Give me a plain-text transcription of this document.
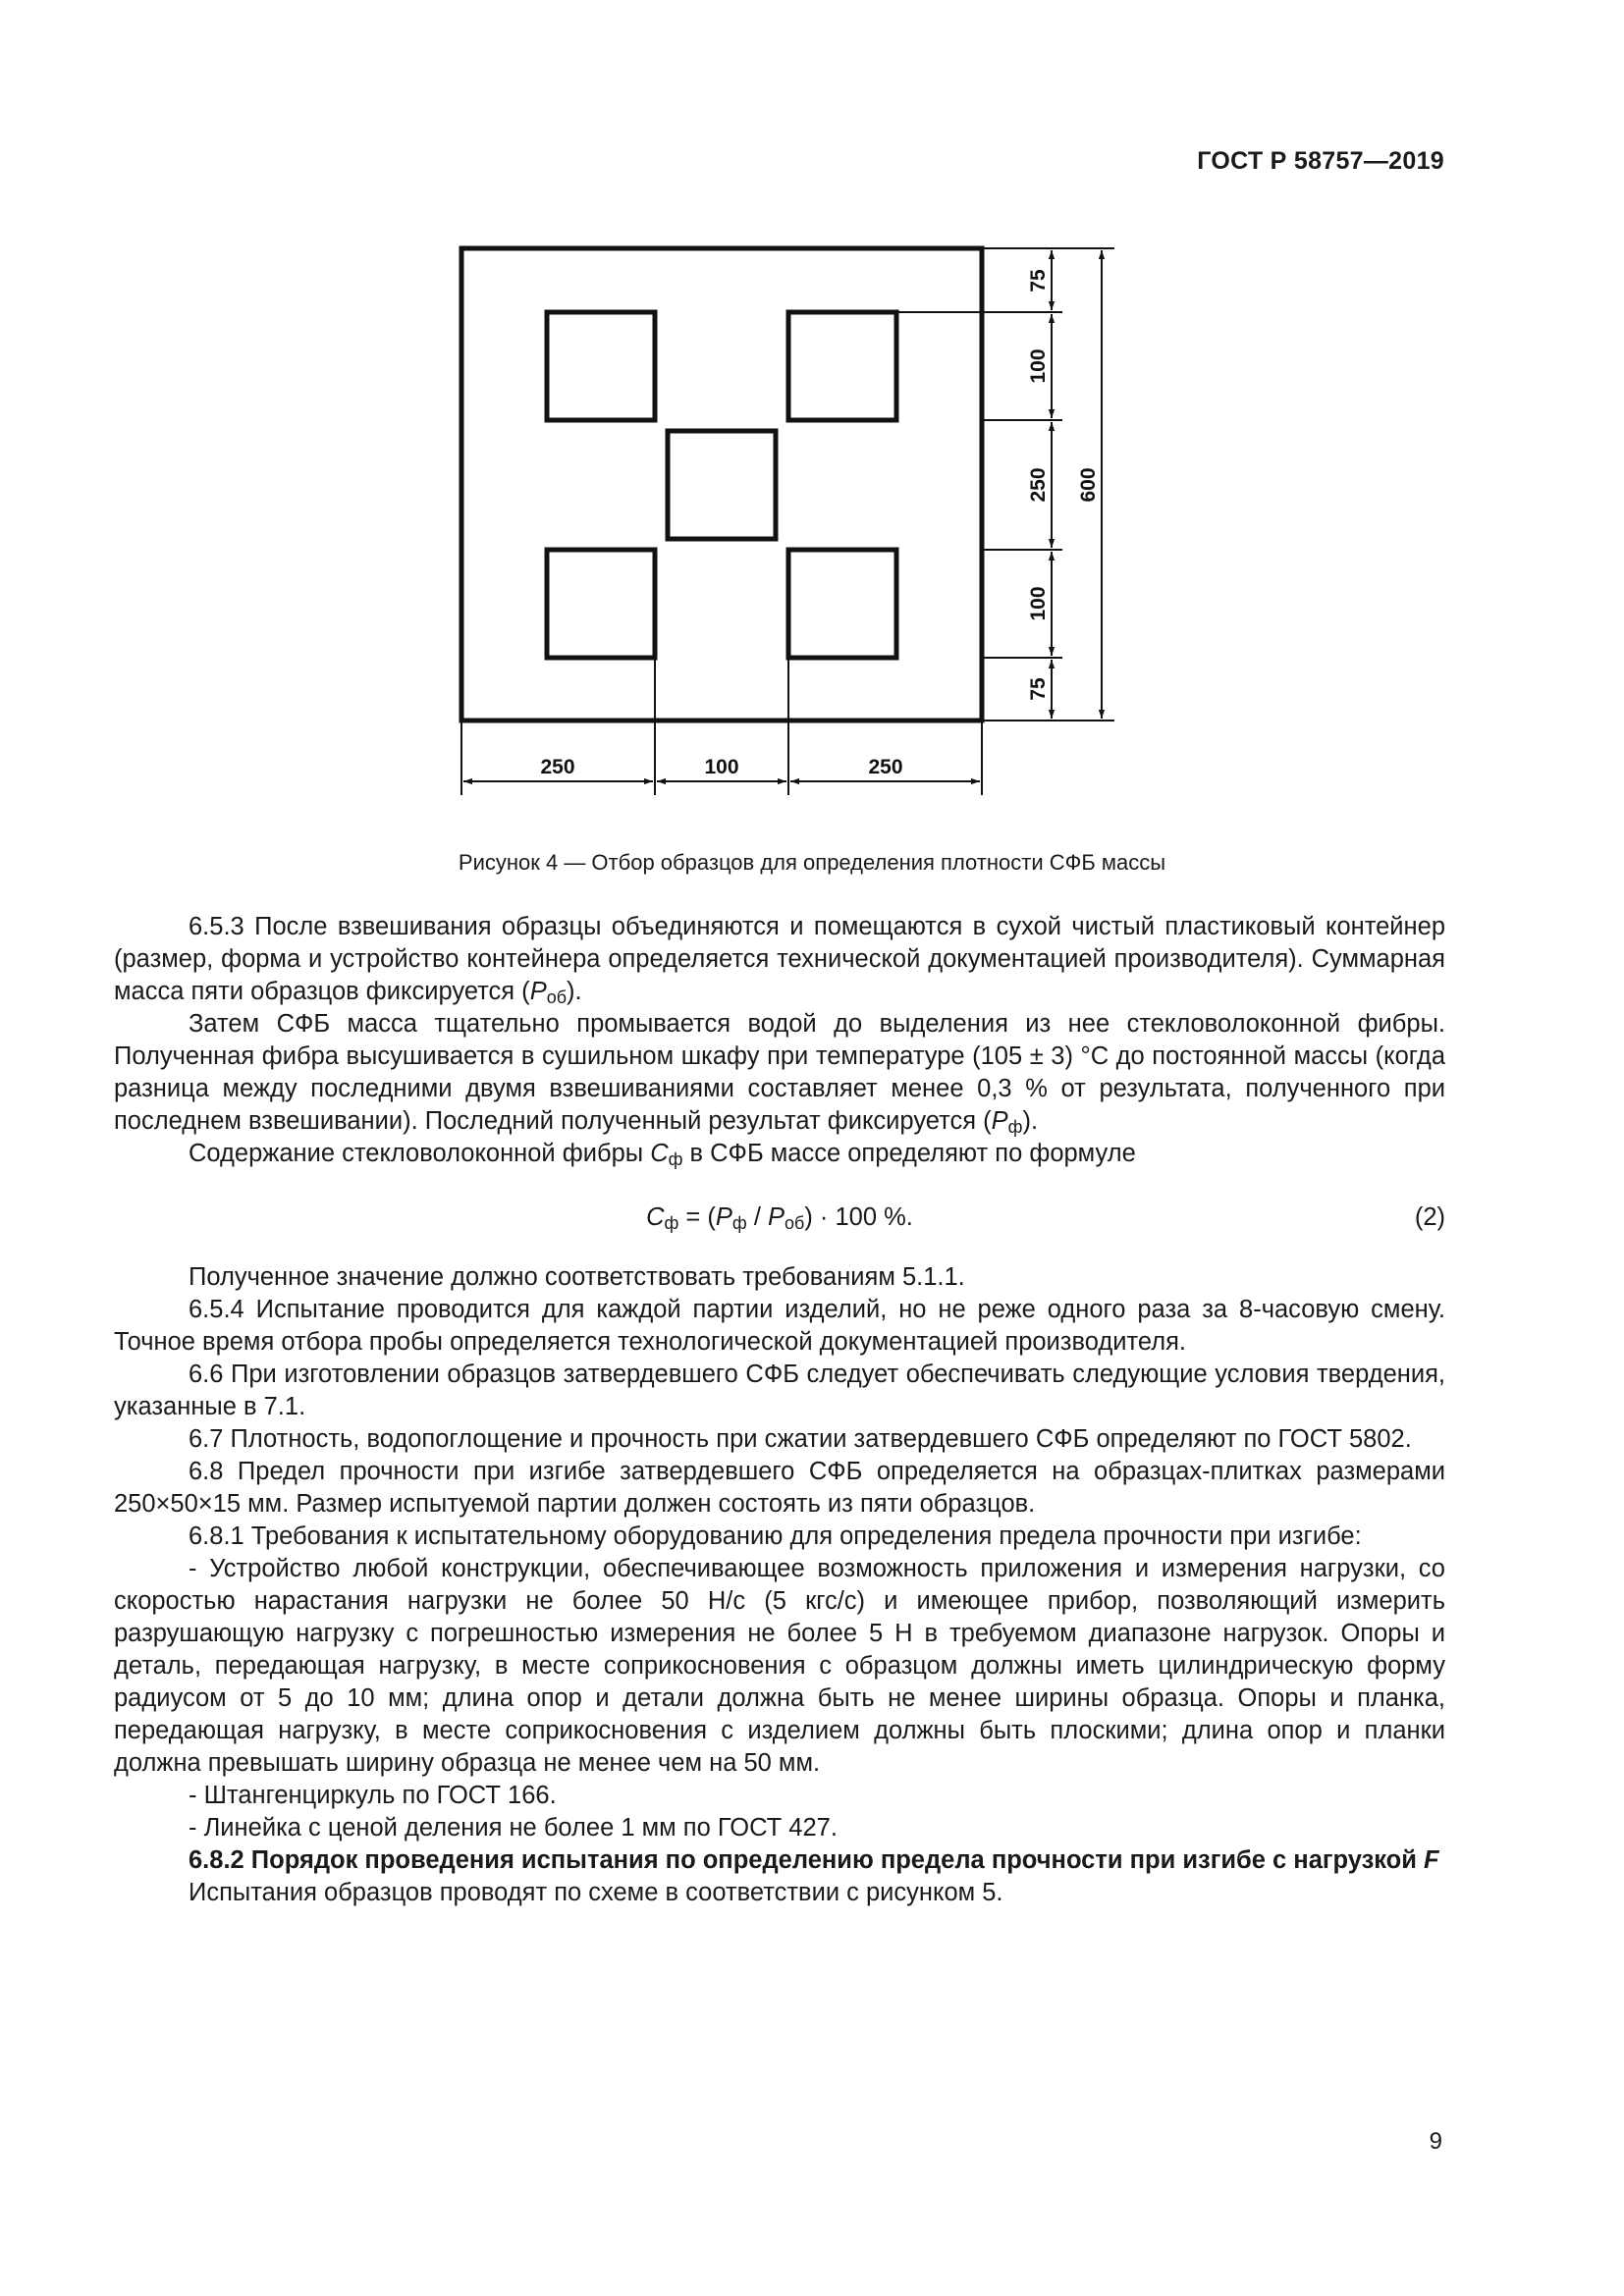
ГОСТ Р 58757—2019
75
100
250
100
75
600
250	100	250
Рисунок 4 — Отбор образцов для определения плотности СФБ массы

6.5.3 После взвешивания образцы объединяются и помещаются в сухой чистый пластиковый контейнер (размер, форма и устройство контейнера определяется технической документацией производителя). Суммарная масса пяти образцов фиксируется $(P_{об})$.

Затем СФБ масса тщательно промывается водой до выделения из нее стекловолоконной фибры. Полученная фибра высушивается в сушильном шкафу при температуре (105 ± 3) °С до постоянной массы (когда разница между последними двумя взвешиваниями составляет менее 0,3 % от результата, полученного при последнем взвешивании). Последний полученный результат фиксируется $(P_ф)$.

Содержание стекловолоконной фибры $C_ф$ в СФБ массе определяют по формуле

$C_ф = (P_ф / P_{об}) \cdot 100$ %.	(2)

Полученное значение должно соответствовать требованиям 5.1.1.

6.5.4 Испытание проводится для каждой партии изделий, но не реже одного раза за 8-часовую смену. Точное время отбора пробы определяется технологической документацией производителя.

6.6 При изготовлении образцов затвердевшего СФБ следует обеспечивать следующие условия твердения, указанные в 7.1.

6.7 Плотность, водопоглощение и прочность при сжатии затвердевшего СФБ определяют по ГОСТ 5802.

6.8 Предел прочности при изгибе затвердевшего СФБ определяется на образцах-плитках размерами 250×50×15 мм. Размер испытуемой партии должен состоять из пяти образцов.

6.8.1 Требования к испытательному оборудованию для определения предела прочности при изгибе:

- Устройство любой конструкции, обеспечивающее возможность приложения и измерения нагрузки, со скоростью нарастания нагрузки не более 50 Н/с (5 кгс/с) и имеющее прибор, позволяющий измерить разрушающую нагрузку с погрешностью измерения не более 5 Н в требуемом диапазоне нагрузок. Опоры и деталь, передающая нагрузку, в месте соприкосновения с образцом должны иметь цилиндрическую форму радиусом от 5 до 10 мм; длина опор и детали должна быть не менее ширины образца. Опоры и планка, передающая нагрузку, в месте соприкосновения с изделием должны быть плоскими; длина опор и планки должна превышать ширину образца не менее чем на 50 мм.

- Штангенциркуль по ГОСТ 166.

- Линейка с ценой деления не более 1 мм по ГОСТ 427.

6.8.2 Порядок проведения испытания по определению предела прочности при изгибе с нагрузкой F

Испытания образцов проводят по схеме в соответствии с рисунком 5.

9
